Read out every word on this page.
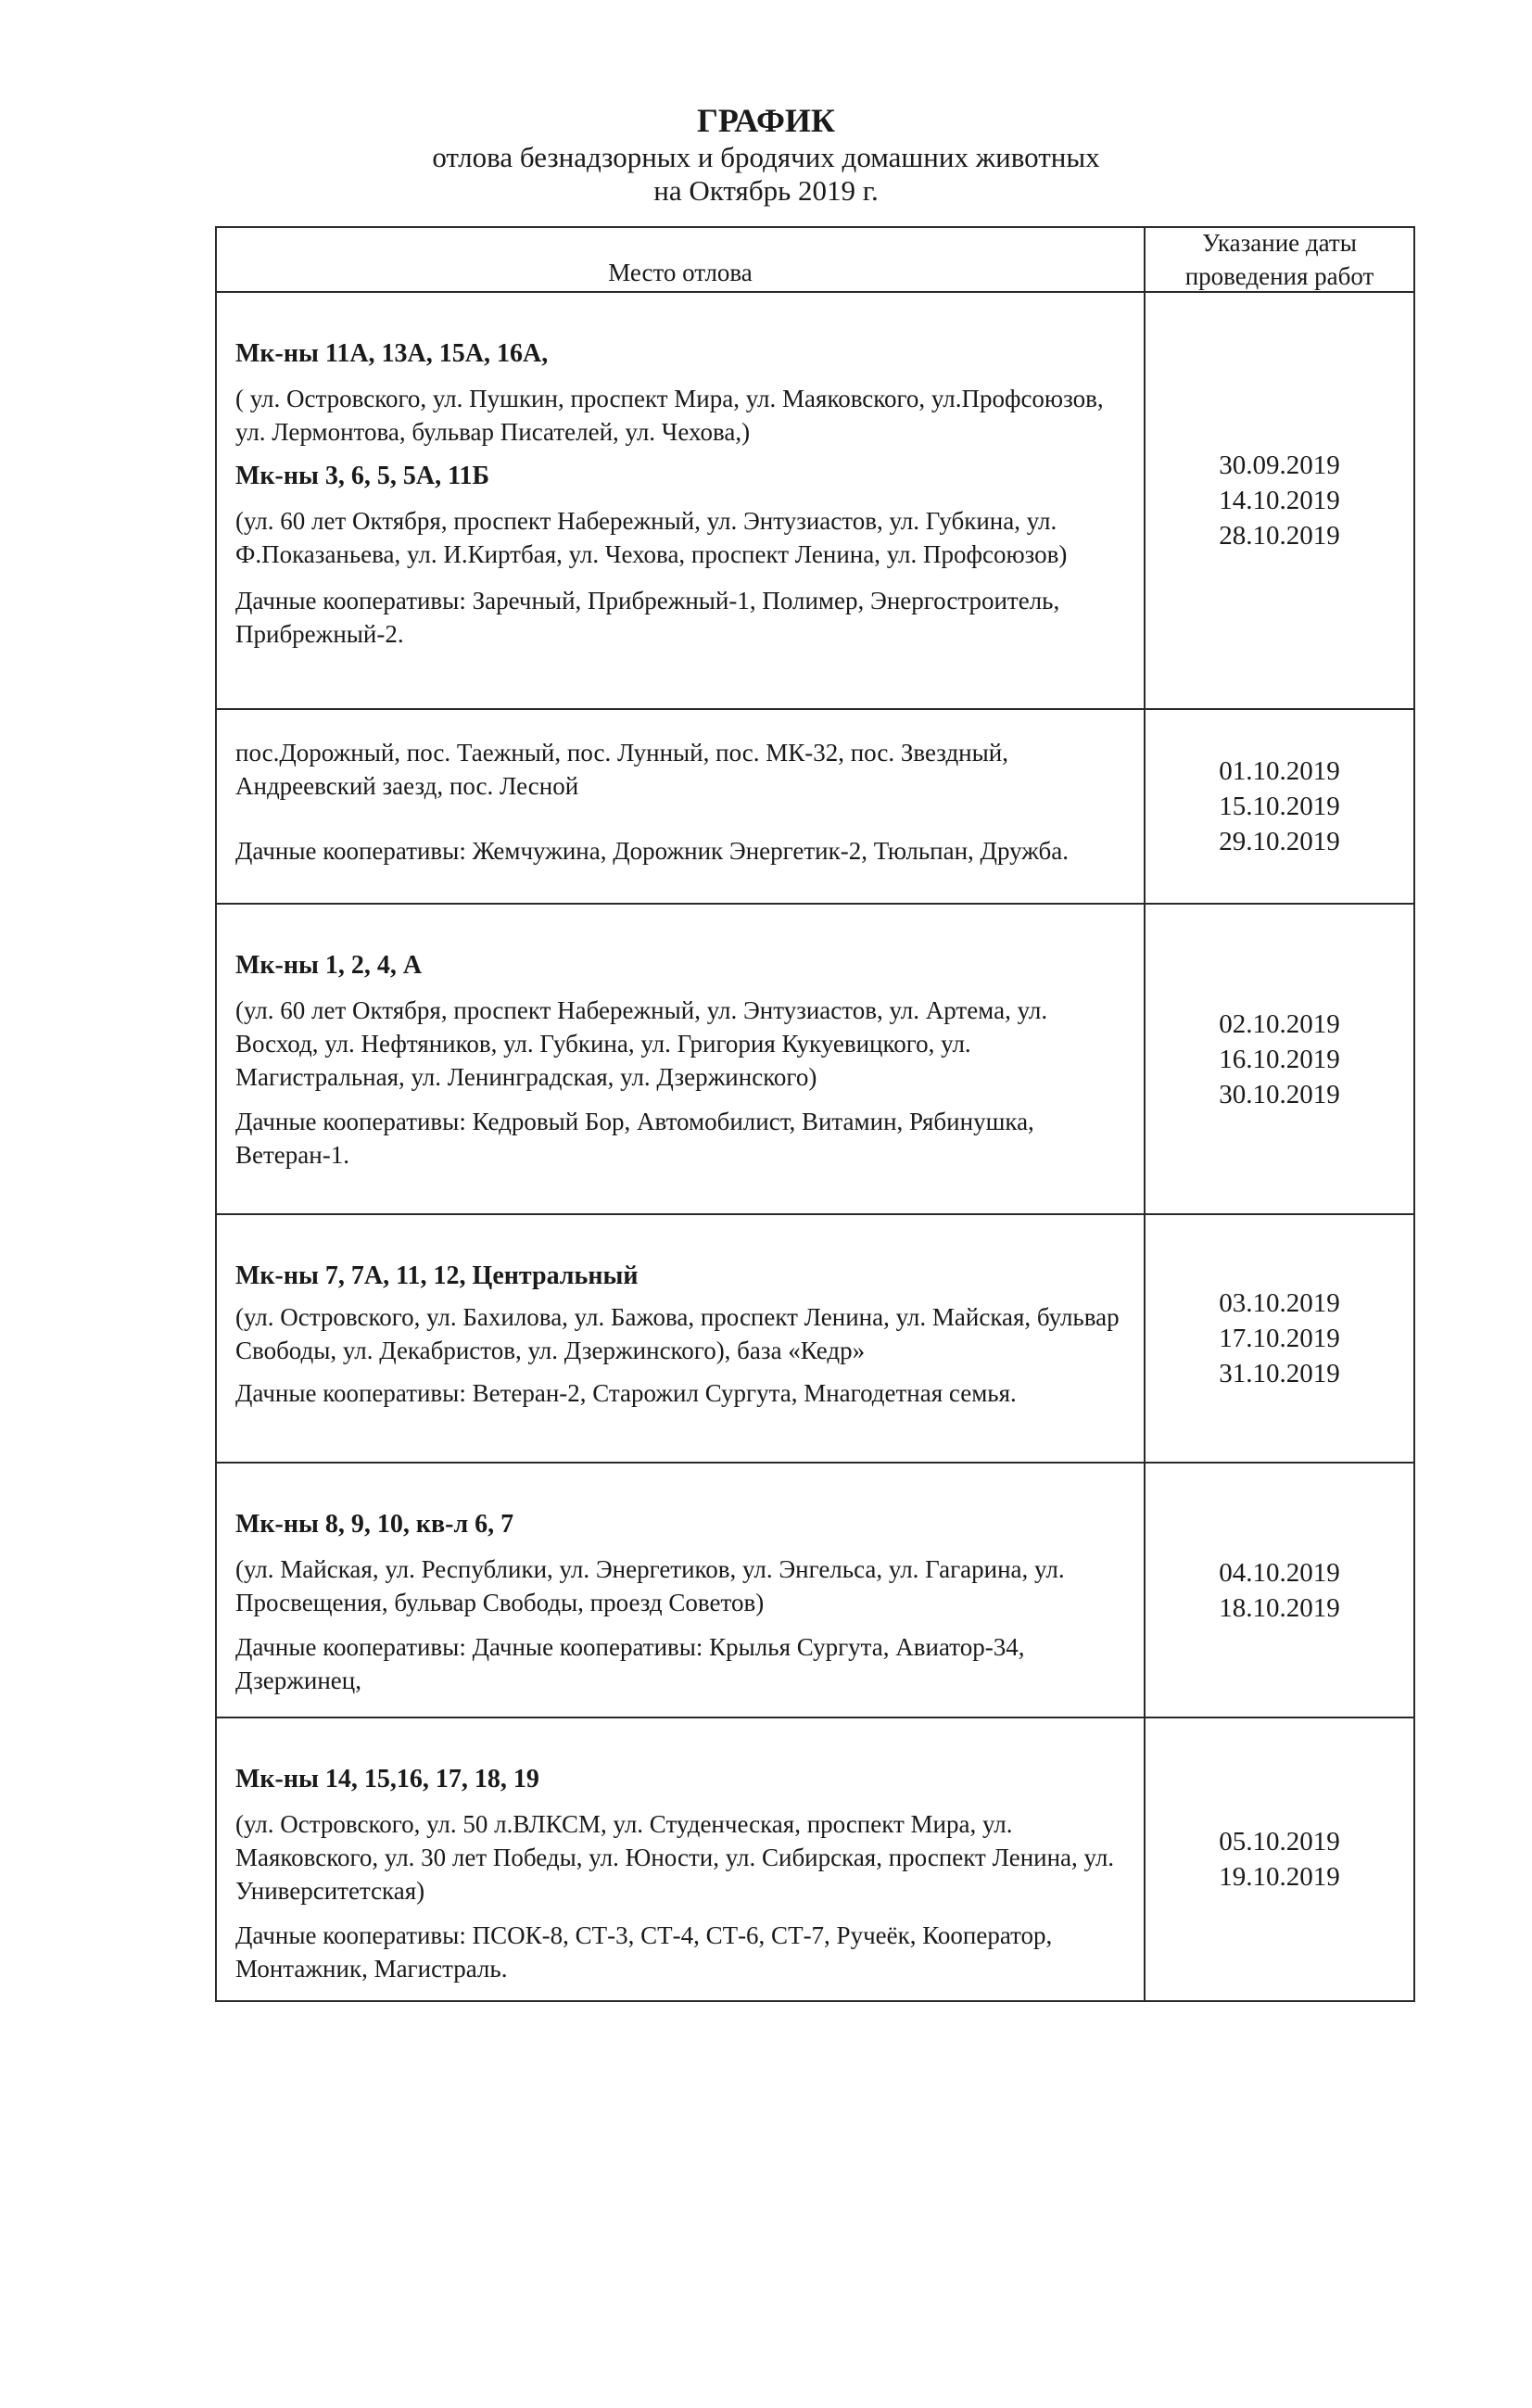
ГРАФИК

отлова безнадзорных и бродячих домашних животных

на Октябрь 2019 г.

Место отлова
Указание даты
проведения работ

Мк-ны 11А, 13А, 15А, 16А,

( ул. Островского, ул. Пушкин, проспект Мира, ул. Маяковского, ул.Профсоюзов, ул. Лермонтова, бульвар Писателей, ул. Чехова,)

Мк-ны 3, 6, 5, 5А, 11Б

(ул. 60 лет Октября, проспект Набережный, ул. Энтузиастов, ул. Губкина, ул. Ф.Показаньева, ул. И.Киртбая, ул. Чехова, проспект Ленина, ул. Профсоюзов)

Дачные кооперативы: Заречный, Прибрежный-1, Полимер, Энергостроитель, Прибрежный-2.

30.09.2019
14.10.2019
28.10.2019

пос.Дорожный, пос. Таежный, пос. Лунный, пос. МК-32, пос. Звездный, Андреевский заезд, пос. Лесной

Дачные кооперативы: Жемчужина, Дорожник Энергетик-2, Тюльпан, Дружба.

01.10.2019
15.10.2019
29.10.2019

Мк-ны 1, 2, 4, А

(ул. 60 лет Октября, проспект Набережный, ул. Энтузиастов, ул. Артема, ул. Восход, ул. Нефтяников, ул. Губкина, ул. Григория Кукуевицкого, ул. Магистральная, ул. Ленинградская, ул. Дзержинского)

Дачные кооперативы: Кедровый Бор, Автомобилист, Витамин, Рябинушка, Ветеран-1.

02.10.2019
16.10.2019
30.10.2019

Мк-ны 7, 7А, 11, 12, Центральный

(ул. Островского, ул. Бахилова, ул. Бажова, проспект Ленина, ул. Майская, бульвар Свободы, ул. Декабристов, ул. Дзержинского), база «Кедр»

Дачные кооперативы: Ветеран-2, Старожил Сургута, Мнагодетная семья.

03.10.2019
17.10.2019
31.10.2019

Мк-ны 8, 9, 10, кв-л 6, 7

(ул. Майская, ул. Республики, ул. Энергетиков, ул. Энгельса, ул. Гагарина, ул. Просвещения, бульвар Свободы, проезд Советов)

Дачные кооперативы: Дачные кооперативы: Крылья Сургута, Авиатор-34, Дзержинец,

04.10.2019
18.10.2019

Мк-ны 14, 15,16, 17, 18, 19

(ул. Островского, ул. 50 л.ВЛКСМ, ул. Студенческая, проспект Мира, ул. Маяковского, ул. 30 лет Победы, ул. Юности, ул. Сибирская, проспект Ленина, ул. Университетская)

Дачные кооперативы: ПСОК-8, СТ-3, СТ-4, СТ-6, СТ-7, Ручеёк, Кооператор, Монтажник, Магистраль.

05.10.2019
19.10.2019
